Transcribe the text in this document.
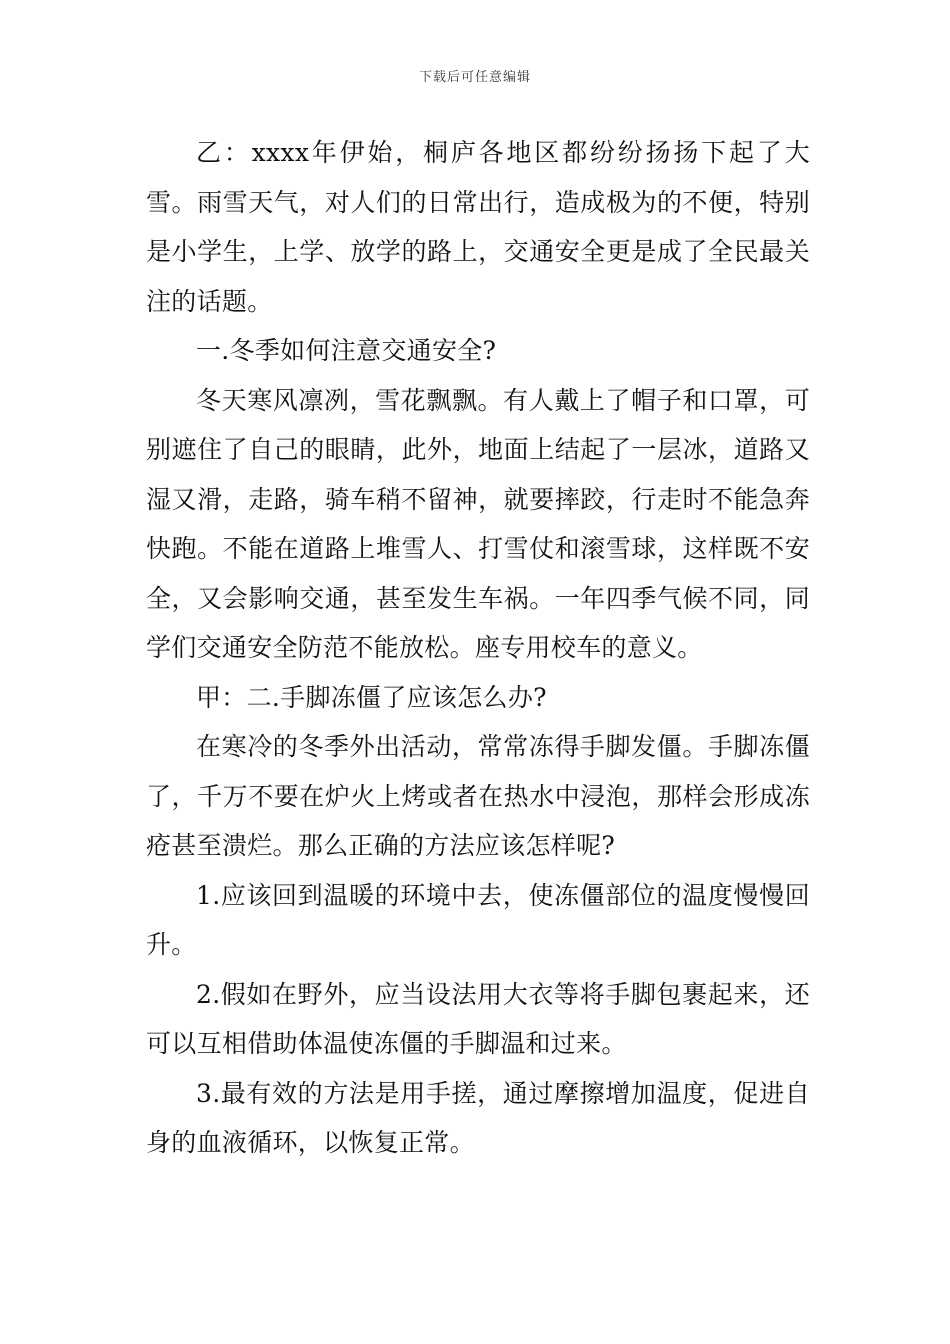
下载后可任意编辑

乙：xxxx年伊始，桐庐各地区都纷纷扬扬下起了大雪。雨雪天气，对人们的日常出行，造成极为的不便，特别是小学生，上学、放学的路上，交通安全更是成了全民最关注的话题。

一.冬季如何注意交通安全?

冬天寒风凛冽，雪花飘飘。有人戴上了帽子和口罩，可别遮住了自己的眼睛，此外，地面上结起了一层冰，道路又湿又滑，走路，骑车稍不留神，就要摔跤，行走时不能急奔快跑。不能在道路上堆雪人、打雪仗和滚雪球，这样既不安全，又会影响交通，甚至发生车祸。一年四季气候不同，同学们交通安全防范不能放松。座专用校车的意义。

甲：二.手脚冻僵了应该怎么办?

在寒冷的冬季外出活动，常常冻得手脚发僵。手脚冻僵了，千万不要在炉火上烤或者在热水中浸泡，那样会形成冻疮甚至溃烂。那么正确的方法应该怎样呢?

1.应该回到温暖的环境中去，使冻僵部位的温度慢慢回升。

2.假如在野外，应当设法用大衣等将手脚包裹起来，还可以互相借助体温使冻僵的手脚温和过来。

3.最有效的方法是用手搓，通过摩擦增加温度，促进自身的血液循环，以恢复正常。
